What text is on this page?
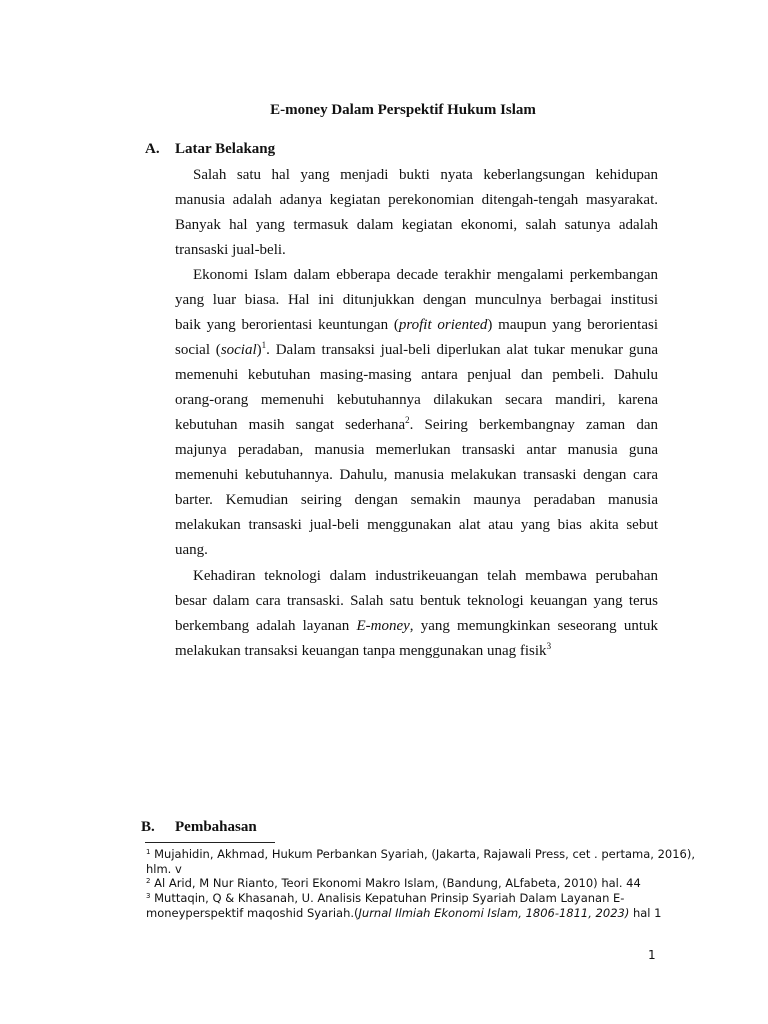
E-money Dalam Perspektif Hukum Islam
A. Latar Belakang
Salah satu hal yang menjadi bukti nyata keberlangsungan kehidupan
manusia adalah adanya kegiatan perekonomian ditengah-tengah masyarakat.
Banyak hal yang termasuk dalam kegiatan ekonomi, salah satunya adalah
transaski jual-beli.
Ekonomi Islam dalam ebberapa decade terakhir mengalami perkembangan
yang luar biasa. Hal ini ditunjukkan dengan munculnya berbagai institusi
baik yang berorientasi keuntungan (profit oriented) maupun yang berorientasi
social (social)$^1$. Dalam transaksi jual-beli diperlukan alat tukar menukar guna
memenuhi kebutuhan masing-masing antara penjual dan pembeli. Dahulu
orang-orang memenuhi kebutuhannya dilakukan secara mandiri, karena
kebutuhan masih sangat sederhana$^2$. Seiring berkembangnay zaman dan
majunya peradaban, manusia memerlukan transaski antar manusia guna
memenuhi kebutuhannya. Dahulu, manusia melakukan transaski dengan cara
barter. Kemudian seiring dengan semakin maunya peradaban manusia
melakukan transaski jual-beli menggunakan alat atau yang bias akita sebut
uang.
Kehadiran teknologi dalam industrikeuangan telah membawa perubahan
besar dalam cara transaski. Salah satu bentuk teknologi keuangan yang terus
berkembang adalah layanan E-money, yang memungkinkan seseorang untuk
melakukan transaksi keuangan tanpa menggunakan unag fisik$^3$
B. Pembahasan
$^1$ Mujahidin, Akhmad, Hukum Perbankan Syariah, (Jakarta, Rajawali Press, cet . pertama, 2016),
hlm. v
$^2$ Al Arid, M Nur Rianto, Teori Ekonomi Makro Islam, (Bandung, ALfabeta, 2010) hal. 44
$^3$ Muttaqin, Q & Khasanah, U. Analisis Kepatuhan Prinsip Syariah Dalam Layanan E-
moneyperspektif maqoshid Syariah.(Jurnal Ilmiah Ekonomi Islam, 1806-1811, 2023) hal 1
1
